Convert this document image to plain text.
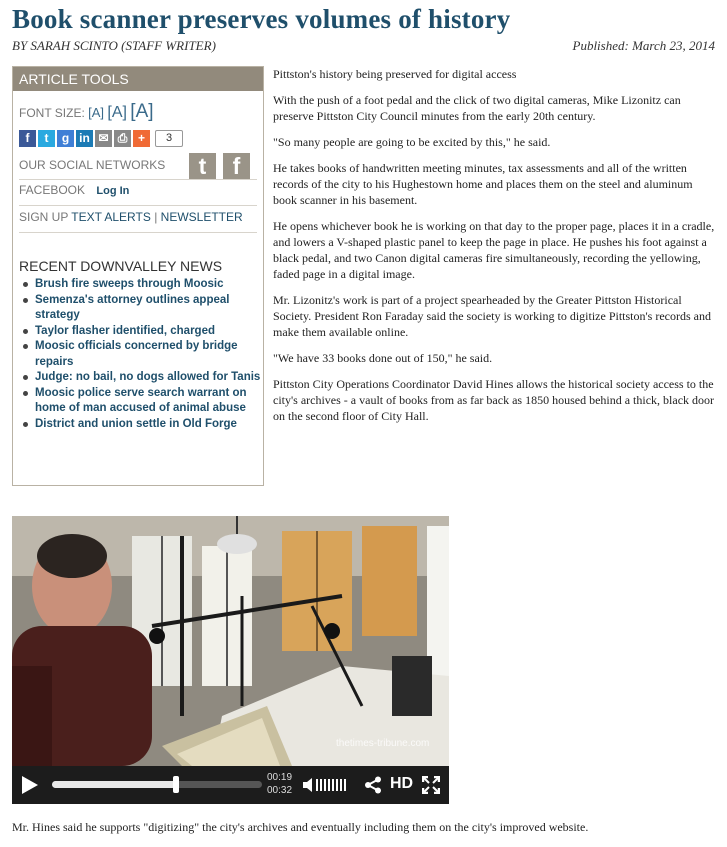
Book scanner preserves volumes of history
BY SARAH SCINTO (STAFF WRITER)	Published: March 23, 2014
ARTICLE TOOLS
FONT SIZE: [A] [A] [A]
f	t	g in ✉ ⎙ +	3
OUR SOCIAL NETWORKS	t	f
FACEBOOK Log In
SIGN UP TEXT ALERTS | NEWSLETTER
RECENT DOWNVALLEY NEWS
Brush fire sweeps through Moosic
Semenza's attorney outlines appeal strategy
Taylor flasher identified, charged
Moosic officials concerned by bridge repairs
Judge: no bail, no dogs allowed for Tanis
Moosic police serve search warrant on home of man accused of animal abuse
District and union settle in Old Forge

Pittston's history being preserved for digital access

With the push of a foot pedal and the click of two digital cameras, Mike Lizonitz can preserve Pittston City Council minutes from the early 20th century.

"So many people are going to be excited by this," he said.

He takes books of handwritten meeting minutes, tax assessments and all of the written records of the city to his Hughestown home and places them on the steel and aluminum book scanner in his basement.

He opens whichever book he is working on that day to the proper page, places it in a cradle, and lowers a V-shaped plastic panel to keep the page in place. He pushes his foot against a black pedal, and two Canon digital cameras fire simultaneously, recording the yellowing, faded page in a digital image.

Mr. Lizonitz's work is part of a project spearheaded by the Greater Pittston Historical Society. President Ron Faraday said the society is working to digitize Pittston's records and make them available online.

"We have 33 books done out of 150," he said.

Pittston City Operations Coordinator David Hines allows the historical society access to the city's archives - a vault of books from as far back as 1850 housed behind a thick, black door on the second floor of City Hall.

thetimes-tribune.com
00:19
00:32	HD
Mr. Hines said he supports "digitizing" the city's archives and eventually including them on the city's improved website.
